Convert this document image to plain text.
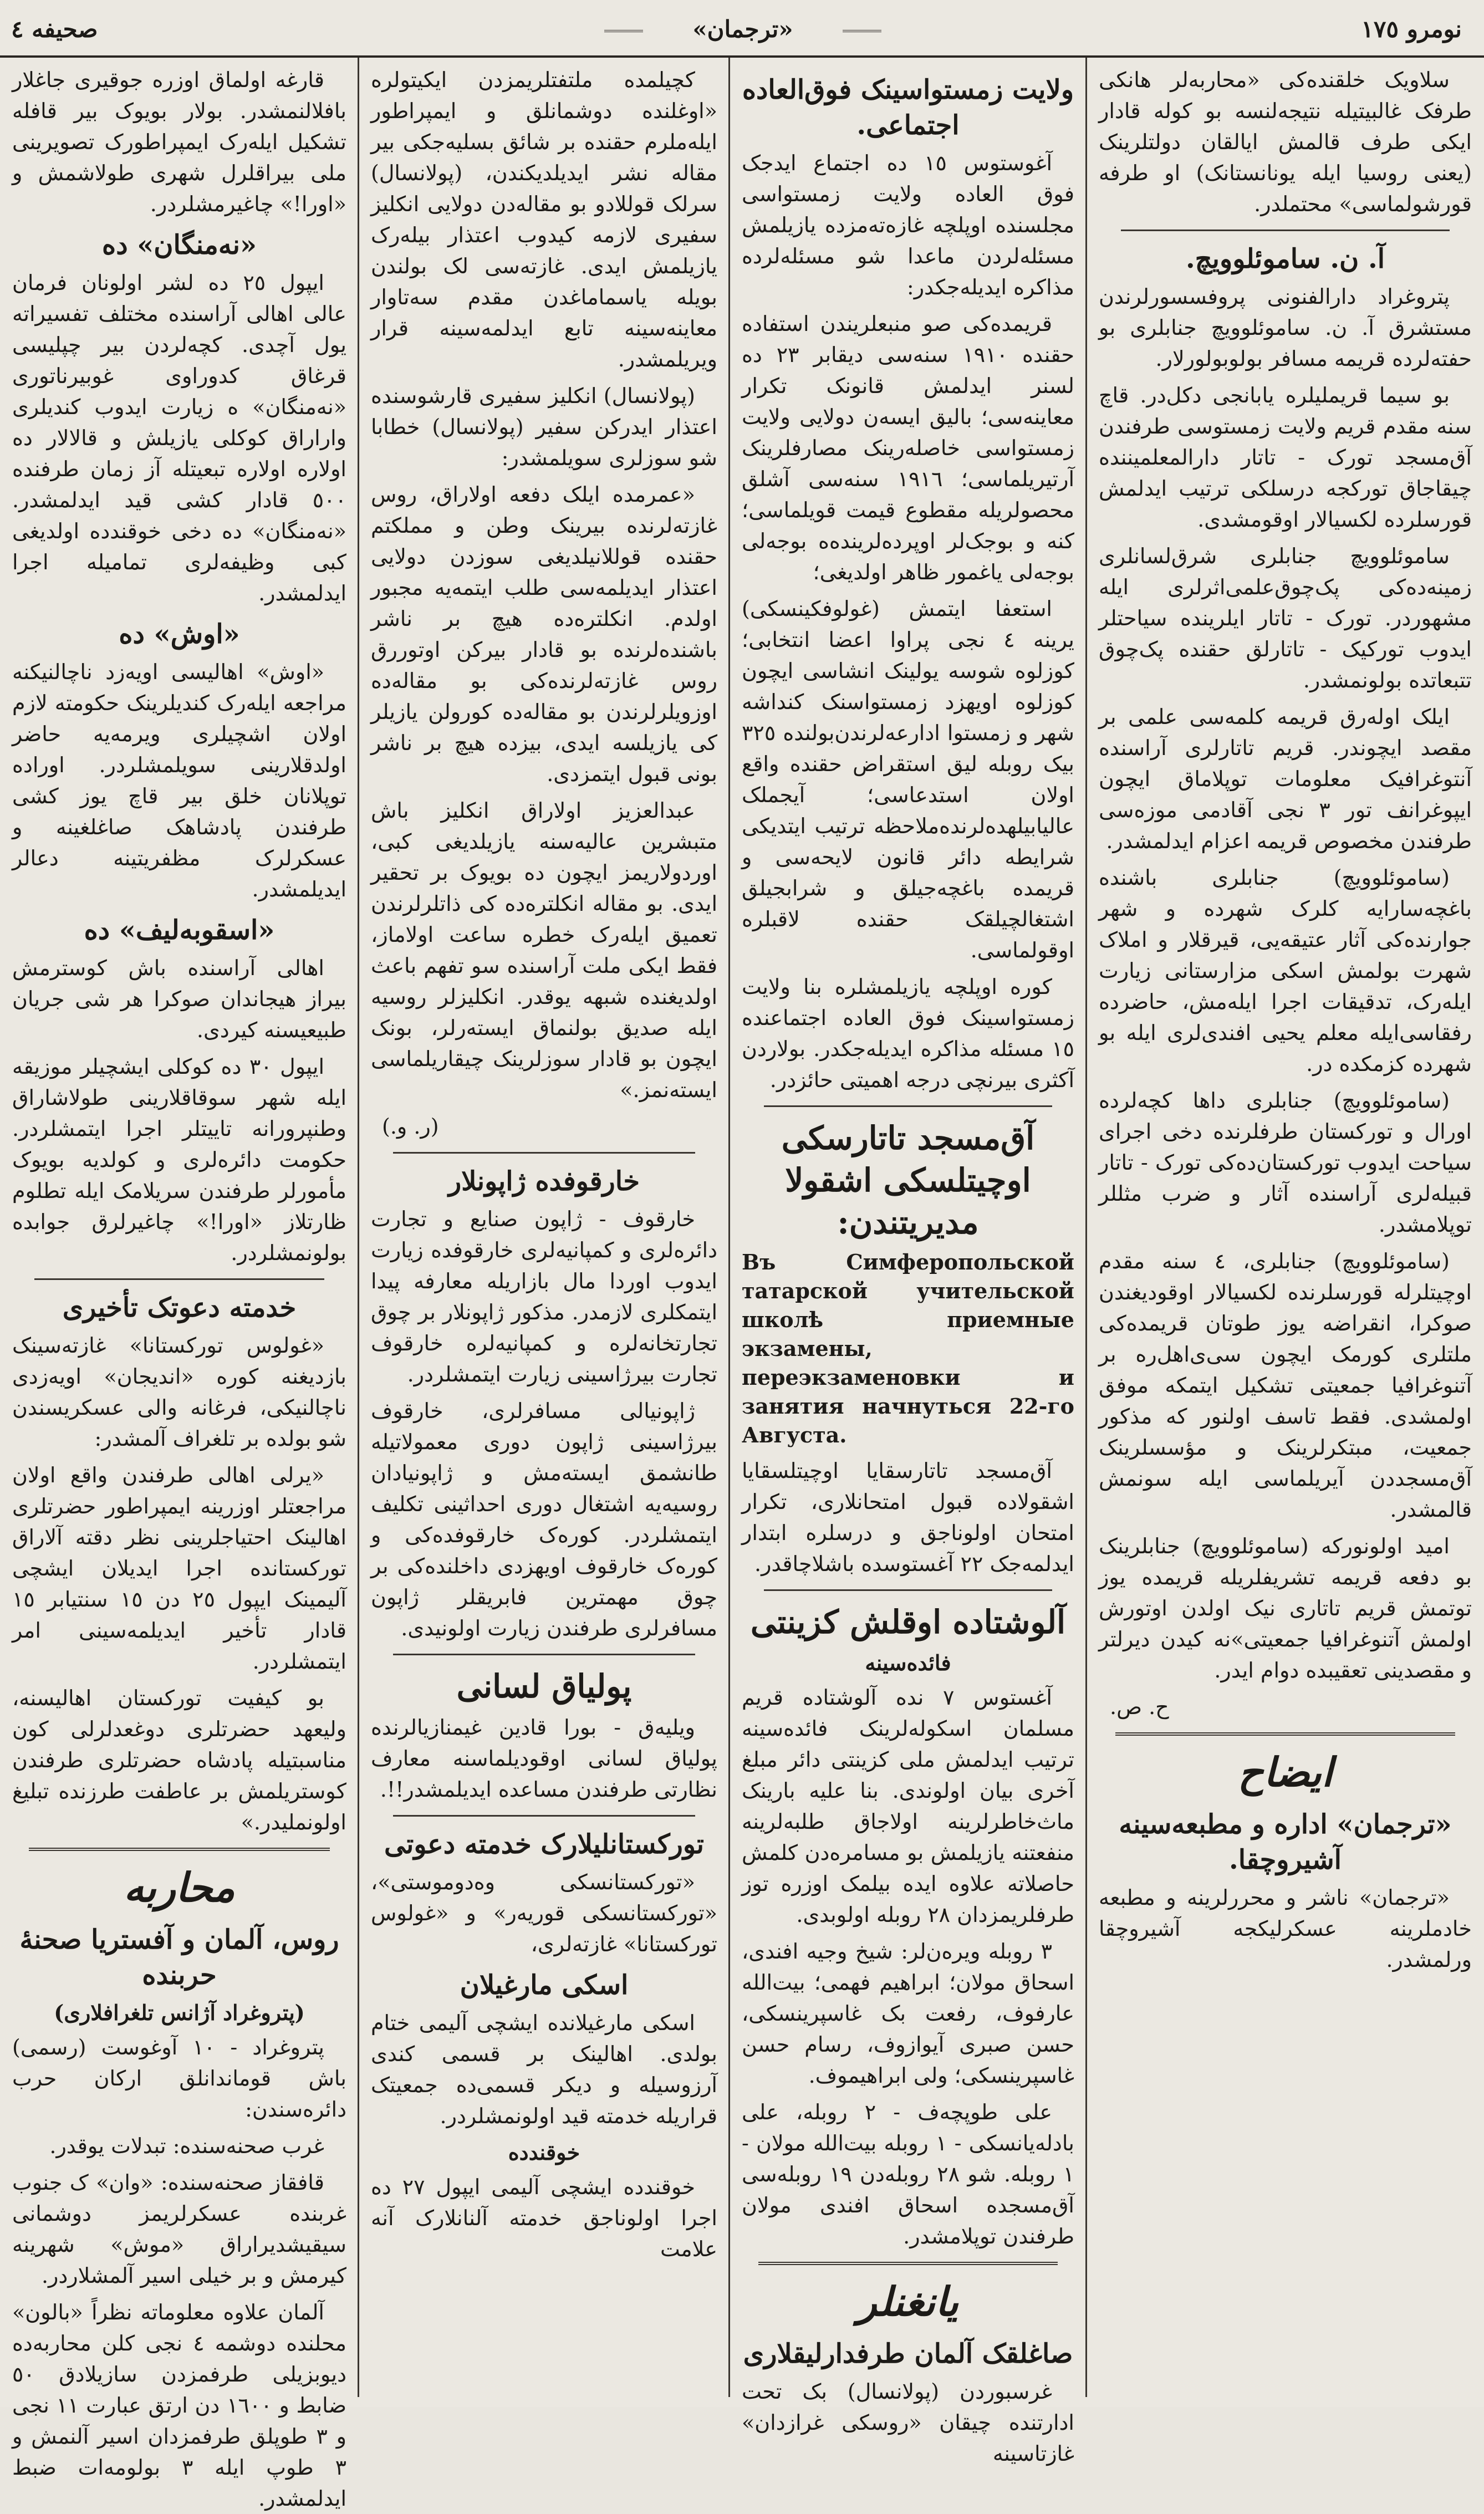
نومرو ١٧٥
«ترجمان»
صحیفه ٤

سلاویک خلقنده‌کی «محاربه‌لر هانکی طرفک غالبیتیله نتیجه‌لنسه بو کوله قادار ایکی طرف قالمش ایالقان دولتلرینک (یعنی روسیا ایله یونانستانک) او طرفه قورشولماسی» محتملدر.

آ. ن. ساموئلوویچ.

پترو‌غراد دارالفنونی پروفسسورلرندن مستشرق آ. ن. ساموئلوویچ جنابلری بو حفته‌لرده قریمه مسافر بولوبولورلار.

بو سیما قریملیلره یابانجی دکل‌در. قاچ سنه مقدم قریم ولایت زمستوسی طرفندن آق‌مسجد تورک - تاتار دارالمعلمیننده چیقاجاق تورکجه درسلکی ترتیب ایدلمش قورسلرده لکسیالار اوقومشدی.

ساموئلوویچ جنابلری شرق‌لسانلری زمینه‌ده‌کی پک‌چوق‌علمی‌اثرلری ایله مشهوردر. تورک - تاتار ایلرینده سیاحتلر ایدوب تورکیک - تاتارلق حقنده پک‌چوق تتبعاتده بولونمشدر.

ایلک اوله‌رق قریمه کلمه‌سی علمی بر مقصد ایچوندر. قریم تاتارلری آراسنده آنتوغرافیک معلومات توپلاماق ایچون ایپوغرانف تور ۳ نجی آقادمی موزه‌سی طرفندن مخصوص قریمه اعزام ایدلمشدر.

(ساموئلوویچ) جنابلری باشنده باغچه‌سارایه کلرک شهرده و شهر جوارنده‌کی آثار عتیقه‌یی، قیرقلار و املاک شهرت بولمش اسکی مزارستانی زیارت ایله‌رک، تدقیقات اجرا ایله‌مش، حاضرده رفقاسی‌ایله معلم یحیی افندی‌لری ایله بو شهرده کزمکده در.

(ساموئلوویچ) جنابلری داها کچه‌لرده اورال و تورکستان طرفلرنده دخی اجرای سیاحت ایدوب تورکستان‌ده‌کی تورک - تاتار قبیله‌لری آراسنده آثار و ضرب مثللر توپلامشدر.

(ساموئلوویچ) جنابلری، ٤ سنه مقدم اوچیتلرله قورسلرنده لکسیالار اوقودیغندن صوکرا، انقراضه یوز طوتان قریمده‌کی ملتلری کورمک ایچون سی‌ی‌اهل‌ره بر آتنوغرافیا جمعیتی تشکیل ایتمکه موفق اولمشدی. فقط تاسف اولنور که مذکور جمعیت، مبتکرلرینک و مؤسسلرینک آق‌مسجددن آیریلماسی ایله سونمش قالمشدر.

امید اولونورکه (ساموئلوویچ) جنابلرینک بو دفعه قریمه تشریفلریله قریمده یوز توتمش قریم تاتاری نیک اولدن اوتورش اولمش آتنوغرافیا جمعیتی‌»نه کیدن دیرلتر و مقصدینی تعقیبده دوام ایدر.

ح. ص.
ایضاح
«ترجمان» اداره و مطبعه‌سینه آشیروچقا.

«ترجمان» ناشر و محررلرینه و مطبعه خادملرینه عسکرلیکجه آشیروچقا ورلمشدر.

ولایت زمستواسینک فوق‌العاده اجتماعی.

آغوستوس ۱٥ ده اجتماع ایدجک فوق العاده ولایت زمستواسی مجلسنده اوپلچه غازه‌ته‌مزده یازیلمش مسئله‌لردن ماعدا شو مسئله‌لرده مذاکره ایدیله‌جکدر:

قریمده‌کی صو منبعلریندن استفاده حقنده ۱۹۱۰ سنه‌سی دیقابر ۲۳ ده لسنر ایدلمش قانونک تکرار معاینه‌سی؛ بالیق ایسه‌ن دولایی ولایت زمستواسی خاصله‌رینک مصارفلرینک آرتیریلماسی؛ ۱۹۱٦ سنه‌سی آشلق محصولریله مقطوع قیمت قویلماسی؛ کنه و بوجک‌لر اوپرده‌لرینده‌ه بوجه‌لی بوجه‌لی یاغمور ظاهر اولدیغی؛

استعفا ایتمش (غولوفکینسکی) یرینه ٤ نجی پراوا اعضا انتخابی؛ کوزلوه شوسه یولینک انشاسی ایچون کوزلوه اویهزد زمستواسنک کنداشه شهر و زمستوا ادارعه‌لرندن‌بولنده ۳۲٥ بیک روبله لیق استقراض حقنده واقع اولان استدعاسی؛ آیجملک عالیابیلهده‌لرنده‌ملاحظه ترتیب ایتدیکی شرایطه دائر قانون لایحه‌سی و قریمده باغچه‌جیلق و شرابجیلق اشتغالچیلقک حقنده لاقبلره اوقولماسی.

کوره اوپلچه یازیلمشلره بنا ولایت زمستواسینک فوق العاده اجتماعنده ۱٥ مسئله مذاکره ایدیله‌جکدر. بولاردن آکثری بیرنچی درجه اهمیتی حائزدر.

آق‌مسجد تاتارسکی اوچیتلسکی اشقولا مدیریتندن:

Въ Симферопольской татарской учительской школѣ приемные экзамены, переэкзаменовки и занятия начнуться 22-го Августа.

آق‌مسجد تاتارسقایا اوچیتلسقایا اشقولاده قبول امتحانلاری، تکرار امتحان اولوناجق و درسلره ابتدار ایدلمه‌جک ۲۲ آغستوسده باشلاچاقدر.

آلوشتاده اوقلش کزینتی
فائده‌سینه

آغستوس ۷ نده آلوشتاده قریم مسلمان اسکوله‌لرینک فائده‌سینه ترتیب ایدلمش ملی کزینتی دائر مبلغ آخری بیان اولوندی. بنا علیه بارینک ماث‌خاطرلرینه اولاجاق طلبه‌لرینه منفعتنه یازیلمش بو مسامره‌دن کلمش حاصلاته علاوه ایده بیلمک اوزره توز طرفلریمزدان ۲۸ روبله اولوبدی.

۳ روبله ویره‌ن‌لر: شیخ وجیه افندی، اسحاق مولان؛ ابراهیم فهمی؛ بیت‌الله عارفوف، رفعت بک غاسپرینسکی، حسن صبری آیوازوف، رسام حسن غاسپرینسکی؛ ولی ابراهیموف.

علی طوپچه‌ف - ٢ روبله، علی بادله‌یانسکی - ۱ روبله بیت‌الله مولان - ۱ روبله. شو ۲۸ روبله‌دن ۱۹ روبله‌سی آق‌مسجده اسحاق افندی مولان طرفندن توپلامشدر.

یانغنلر
صاغلقک آلمان طرفدارلیقلاری

غرسبوردن (پولانسال) بک تحت ادارتنده چیقان «روسکی غرازدان» غازتاسینه

کچیلمده ملتفتلریمزدن ایکیتولره «اوغلنده دوشمانلق و ایمپراطور ایله‌ملرم حقنده بر شائق بسلیه‌جکی بیر مقاله نشر ایدیلدیکندن، (پولانسال) سرلک قوللادو بو مقاله‌دن دولایی انکلیز سفیری لازمه کیدوب اعتذار بیله‌رک یازیلمش ایدی. غازته‌سی لک بولندن بویله یاسماماغدن مقدم سه‌تاوار معاینه‌سینه تابع ایدلمه‌سینه قرار ویریلمشدر.

(پولانسال) انکلیز سفیری قارشوسنده اعتذار ایدرکن سفیر (پولانسال) خطابا شو سوزلری سویلمشدر:

«عمرمده ایلک دفعه اولاراق، روس غازته‌لرنده بیرینک وطن و مملکتم حقنده قوللانیلدیغی سوزدن دولایی اعتذار ایدیلمه‌سی طلب ایتمه‌یه مجبور اولدم. انکلتره‌ده هیچ بر ناشر باشنده‌لرنده بو قادار بیرکن اوتوررق روس غازته‌لرنده‌کی بو مقاله‌ده اوزویلرلرندن بو مقاله‌ده کورولن یازیلر کی یازیلسه ایدی، بیزده هیچ بر ناشر بونی قبول ایتمزدی.

عبدالعزیز اولاراق انکلیز باش متبشرین عالیه‌سنه یازیلدیغی کبی، اوردولاریمز ایچون ده بویوک بر تحقیر ایدی. بو مقاله انکلتره‌ده کی ذاتلرلرندن تعمیق ایله‌رک خطره ساعت اولاماز، فقط ایکی ملت آراسنده سو تفهم باعث اولدیغنده شبهه یوقدر. انکلیزلر روسیه ایله صدیق بولنماق ایسته‌رلر، بونک ایچون بو قادار سوزلرینک چیقاریلماسی ایسته‌نمز.»

(ر. و.)
خارقوفده ژاپونلار

خارقوف - ژاپون صنایع و تجارت دائره‌لری و کمپانیه‌لری خارقوفده زیارت ایدوب اوردا مال بازاریله معارفه پیدا ایتمکلری لازمدر. مذکور ژاپونلار بر چوق تجارتخانه‌لره و کمپانیه‌لره خارقوف تجارت بیرژاسینی زیارت ایتمشلردر.

ژاپونیالی مسافرلری، خارقوف بیرژاسینی ژاپون دوری معمولاتیله طانشمق ایسته‌مش و ژاپونیادان روسیه‌یه اشتغال دوری احداثینی تکلیف ایتمشلردر. کوره‌ک خارقوفده‌کی و کوره‌ک خارقوف اویهزدی داخلنده‌کی بر چوق مهمترین فابریقلر ژاپون مسافرلری طرفندن زیارت اولونیدی.

پولیاق لسانی

ویلیه‌ق - بورا قادین غیمنازیالرنده پولیاق لسانی اوقودیلماسنه معارف نظارتی طرفندن مساعده ایدیلمشدر!!.

تورکستانلیلارک خدمته دعوتی

«تورکستانسکی وه‌دوموستی»، «تورکستانسکی قوریه‌ر» و «غولوس تورکستانا» غازته‌لری،

اسکی مارغیلان

اسکی مارغیلانده ایشچی آلیمی ختام بولدی. اهالینک بر قسمی کندی آرزوسیله و دیکر قسمی‌ده جمعیتک قراریله خدمته قید اولونمشلردر.

خوقندده

خوقندده ایشچی آلیمی ایپول ۲۷ ده اجرا اولوناجق خدمته آلنانلارک آنه علامت

قارغه اولماق اوزره جوقیری جاغلار بافلالنمشدر. بولار بویوک بیر قافله تشکیل ایله‌رک ایمپراطورک تصویرینی ملی بیراقلرل شهری طولاشمش و «اورا!» چاغیرمشلردر.

«نه‌منگان» ده

ایپول ۲٥ ده لشر اولونان فرمان عالی اهالی آراسنده مختلف تفسیراته یول آچدی. کچه‌لردن بیر چپلیسی قرغاق کدوراوی غوبیرناتوری «نه‌منگان» ه زیارت ایدوب کندیلری واراراق کوکلی یازیلش و قالالار ده اولاره اولاره تبعیتله آز زمان طرفنده ٥٠٠ قادار کشی قید ایدلمشدر. «نه‌منگان» ده دخی خوقندده اولدیغی کبی وظیفه‌لری تمامیله اجرا ایدلمشدر.

«اوش» ده

«اوش» اهالیسی اویه‌زد ناچالنیکنه مراجعه ایله‌رک کندیلرینک حکومته لازم اولان اشچیلری ویرمه‌یه حاضر اولدقلارینی سویلمشلردر. اوراده توپلانان خلق بیر قاچ یوز کشی طرفندن پادشاهک صاغلغینه و عسکرلرک مظفریتینه دعالر ایدیلمشدر.

«اسقوبه‌لیف» ده

اهالی آراسنده باش کوسترمش بیراز هیجاندان صوکرا هر شی جریان طبیعیسنه کیردی.

ایپول ۳۰ ده کوکلی ایشچیلر موزیقه ایله شهر سوقاقلارینی طولاشاراق وطنپرورانه تاییتلر اجرا ایتمشلردر. حکومت دائره‌لری و کولدیه بویوک مأمورلر طرفندن سریلامک ایله تطلوم ظارتلاز «اورا!» چاغیرلرق جوابده بولونمشلردر.

خدمته دعوتک تأخیری

«غولوس تورکستانا» غازته‌سینک بازدیغنه کوره «اندیجان» اویه‌زدی ناچالنیکی، فرغانه والی عسکریسندن شو بولده بر تلغراف آلمشدر:

«یرلی اهالی طرفندن واقع اولان مراجعتلر اوزرینه ایمپراطور حضرتلری اهالینک احتیاجلرینی نظر دقته آلاراق تورکستانده اجرا ایدیلان ایشچی آلیمینک ایپول ۲٥ دن ۱٥ سنتیابر ۱٥ قادار تأخیر ایدیلمه‌سینی امر ایتمشلردر.

بو کیفیت تورکستان اهالیسنه، ولیعهد حضرتلری دوغعدلرلی کون مناسبتیله پادشاه حضرتلری طرفندن کوستریلمش بر عاطفت طرزنده تبلیغ اولونملیدر.»

محاربه
روس، آلمان و آفستریا صحنهٔ حربنده
(پتروغراد آژانس تلغرافلاری)

پتروغراد - ۱۰ آوغوست (رسمی) باش قوماندانلق ارکان حرب دائره‌سندن:

غرب صحنه‌سنده: تبدلات یوقدر.

قافقاز صحنه‌سنده: «وان» ک جنوب غربنده عسکرلریمز دوشمانی سیقیشدیراراق «موش» شهرینه کیرمش و بر خیلی اسیر آلمشلاردر.

آلمان علاوه معلوماته نظراً «بالون» محلنده دوشمه ٤ نجی کلن محاربه‌ده دیوبزیلی طرفمزدن سازیلادق ٥٠ ضابط و ۱٦٠٠ دن ارتق عبارت ۱۱ نجی و ۳ طوپلق طرفمزدان اسیر آلنمش و ۳ طوپ ایله ۳ بولومه‌ات ضبط ایدلمشدر.
